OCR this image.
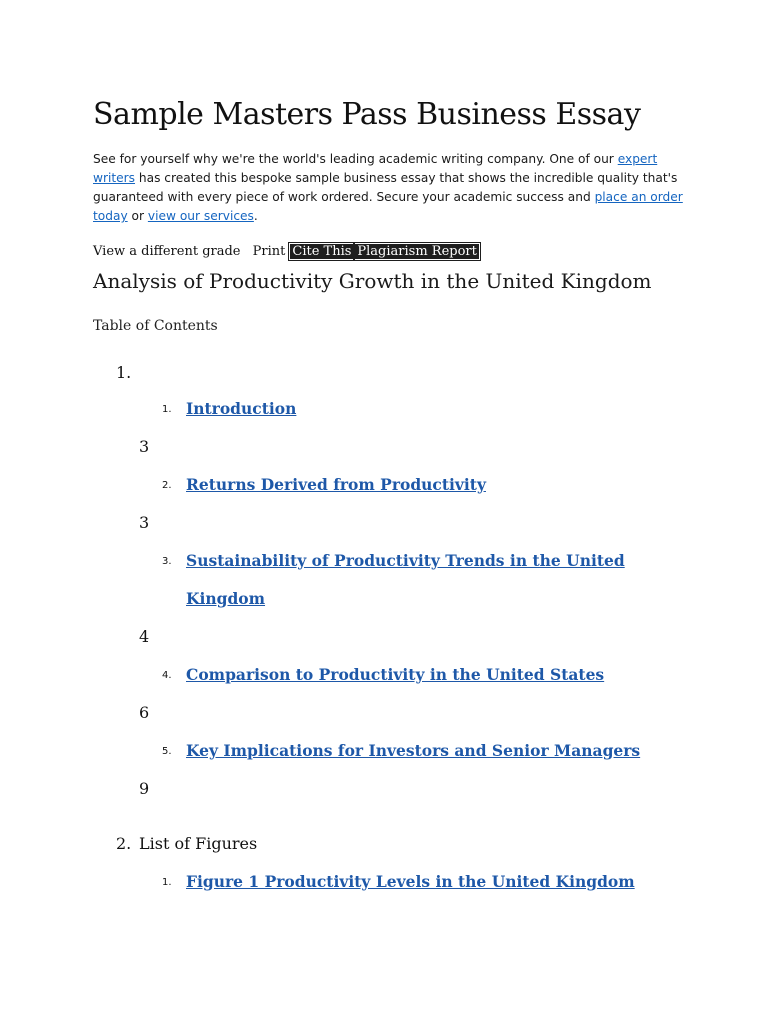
Sample Masters Pass Business Essay
See for yourself why we're the world's leading academic writing company. One of our expert writers has created this bespoke sample business essay that shows the incredible quality that's guaranteed with every piece of work ordered. Secure your academic success and place an order today or view our services.
View a different grade Print Cite This Plagiarism Report
Analysis of Productivity Growth in the United Kingdom
Table of Contents
1.
1. Introduction
3
2. Returns Derived from Productivity
3
3. Sustainability of Productivity Trends in the United
Kingdom
4
4. Comparison to Productivity in the United States
6
5. Key Implications for Investors and Senior Managers
9
2. List of Figures
1. Figure 1 Productivity Levels in the United Kingdom
